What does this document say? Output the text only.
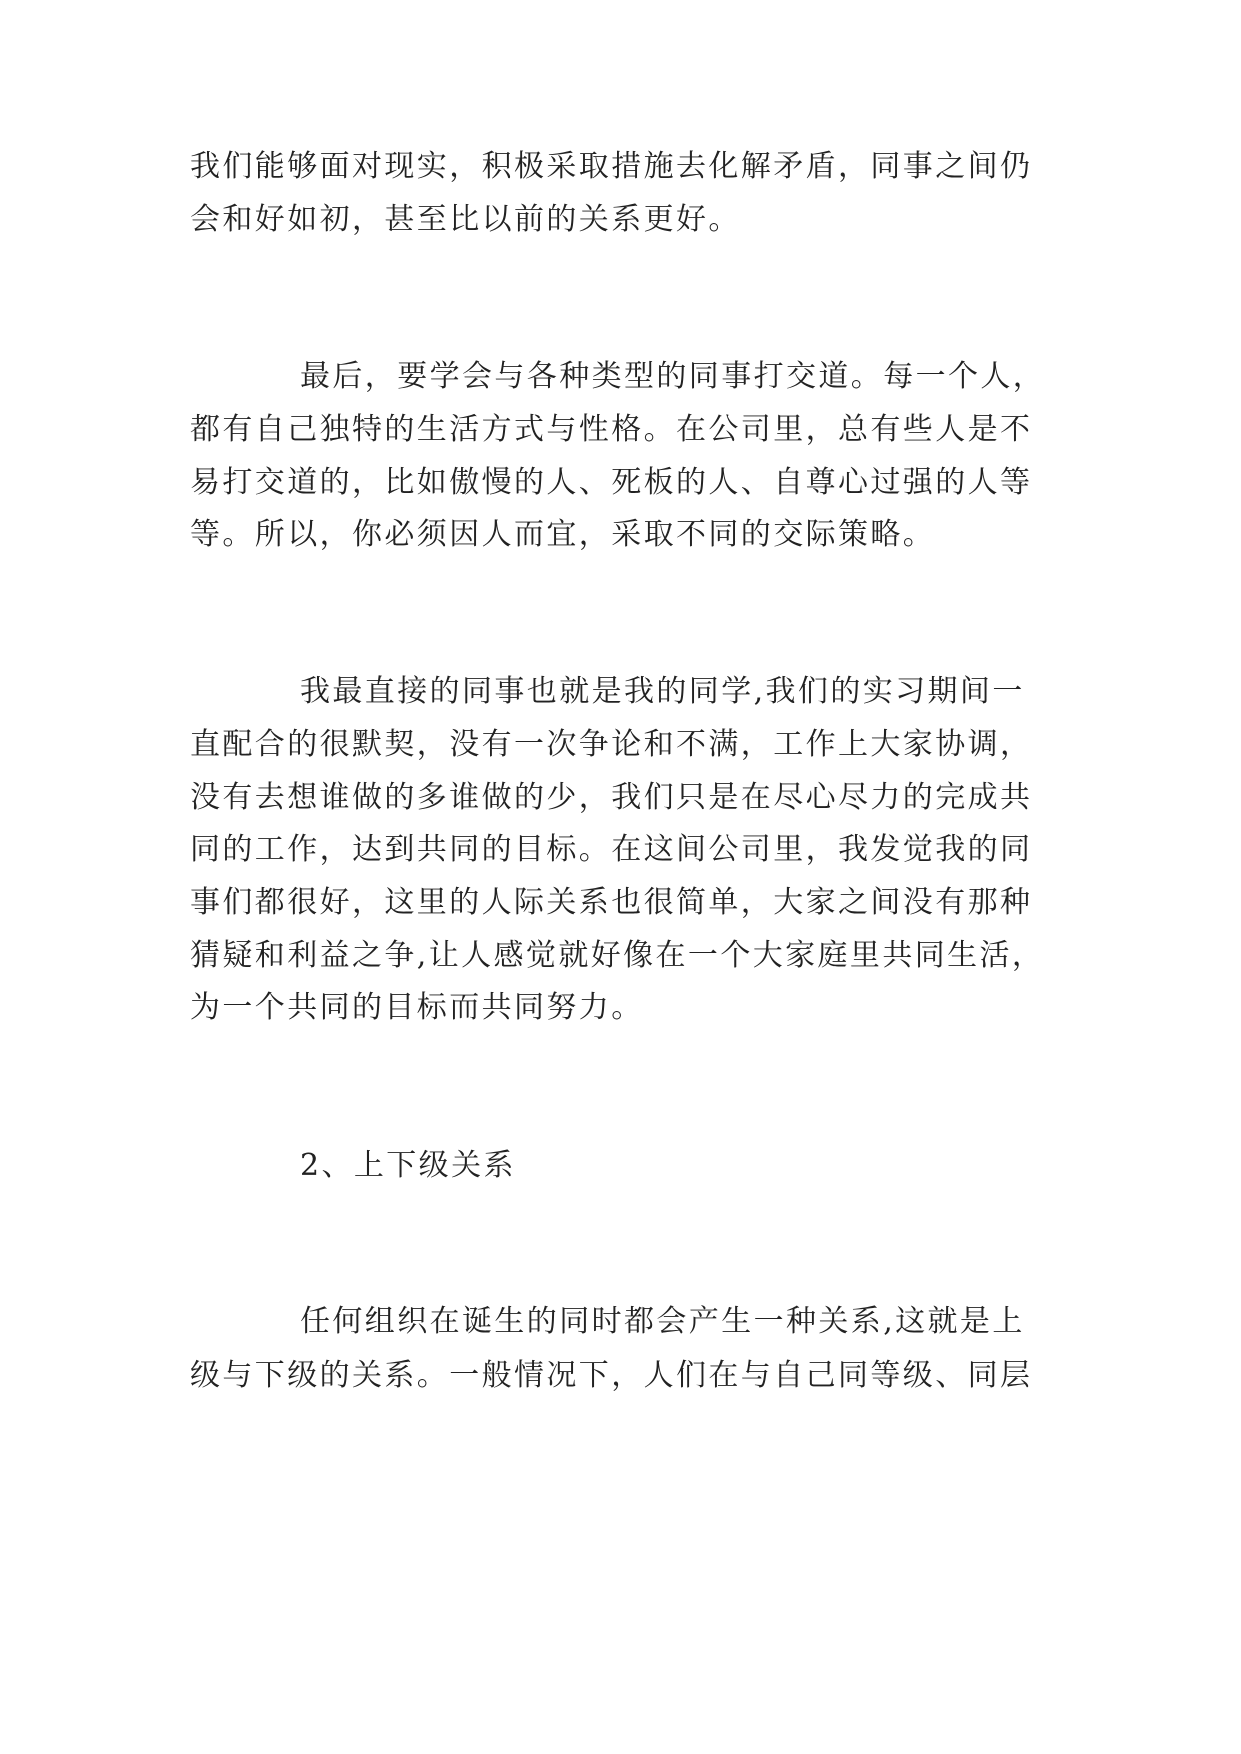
我们能够面对现实，积极采取措施去化解矛盾，同事之间仍

会和好如初，甚至比以前的关系更好。

最后，要学会与各种类型的同事打交道。每一个人，

都有自己独特的生活方式与性格。在公司里，总有些人是不

易打交道的，比如傲慢的人、死板的人、自尊心过强的人等

等。所以，你必须因人而宜，采取不同的交际策略。

我最直接的同事也就是我的同学,我们的实习期间一

直配合的很默契，没有一次争论和不满，工作上大家协调，

没有去想谁做的多谁做的少，我们只是在尽心尽力的完成共

同的工作，达到共同的目标。在这间公司里，我发觉我的同

事们都很好，这里的人际关系也很简单，大家之间没有那种

猜疑和利益之争,让人感觉就好像在一个大家庭里共同生活，

为一个共同的目标而共同努力。

2、上下级关系

任何组织在诞生的同时都会产生一种关系,这就是上

级与下级的关系。一般情况下，人们在与自己同等级、同层
